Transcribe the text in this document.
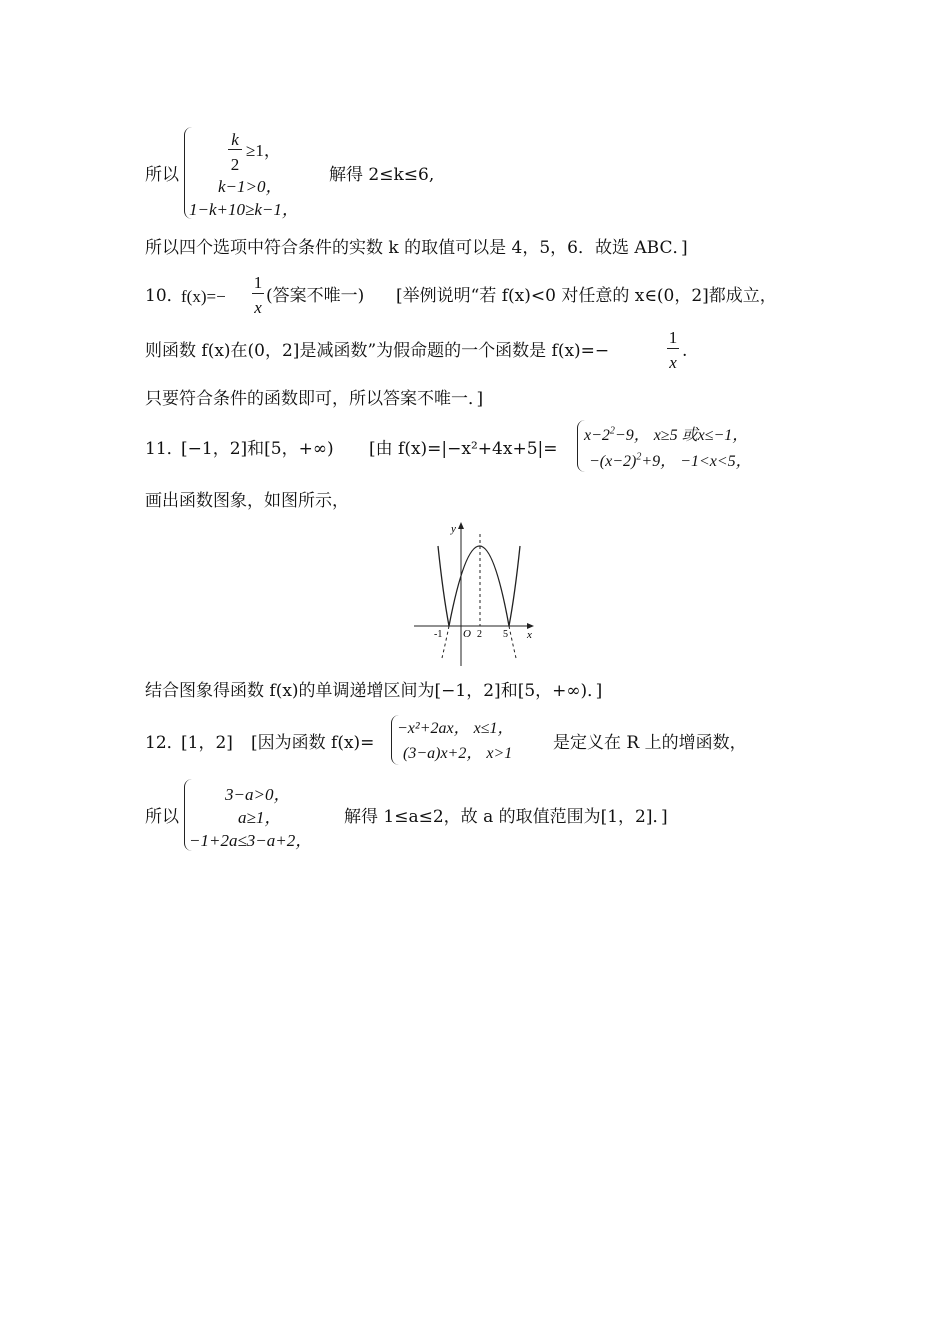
所以
k
2
≥1，
k−1>0，
1−k+10≥k−1，
解得 2≤k≤6,
所以四个选项中符合条件的实数 k 的取值可以是 4，5，6．故选 ABC．]
10．
f(x)=−
1
x
(答案不唯一) [举例说明“若 f(x)<0 对任意的 x∈(0，2]都成立，
则函数 f(x)在(0，2]是减函数”为假命题的一个函数是 f(x)=−
1
x
.
只要符合条件的函数即可，所以答案不唯一．]
11．
[−1，2]和[5，+∞) [由 f(x)=|−x²+4x+5|=
$x-2^2-9$， x≥5 或x≤−1，
$-(x-2)^2+9$， −1<x<5，
画出函数图象，如图所示，
y
x
O
-1	2 5
结合图象得函数 f(x)的单调递增区间为[−1，2]和[5，+∞)．]
12．
[1，2] [因为函数 f(x)=
−x²+2ax， x≤1，
(3−a)x+2， x>1
是定义在 R 上的增函数，
所以
3−a>0，
a≥1，
−1+2a≤3−a+2，
解得 1≤a≤2，故 a 的取值范围为[1，2]．]
